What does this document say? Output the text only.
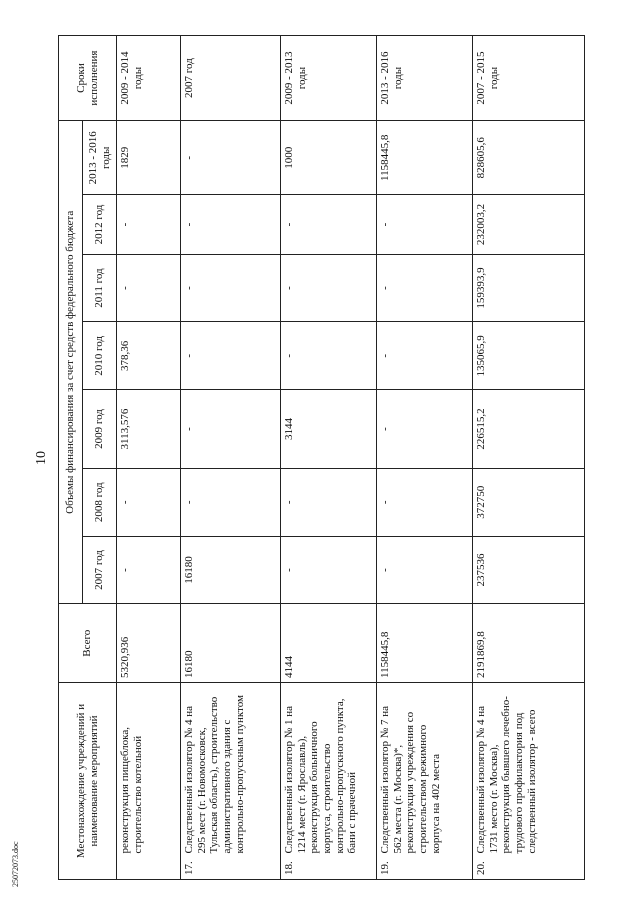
10
25072073.doc
Местонахождение учреждений и наименование мероприятий		Всего	Объемы финансирования за счет средств федерального бюджета							Сроки исполнения
			2007 год	2008 год	2009 год	2010 год	2011 год	2012 год	2013 - 2016 годы	
	реконструкция пищеблока, строительство котельной	5320,936	-	-	3113,576	378,36	-	-	1829	2009 - 2014 годы
17.	Следственный изолятор № 4 на 295 мест (г. Новомосковск, Тульская область), строительство административного здания с контрольно-пропускным пунктом	16180	16180	-	-	-	-	-	-	2007 год
18.	Следственный изолятор № 1 на 1214 мест (г. Ярославль), реконструкция больничного корпуса, строительство контрольно-пропускного пункта, бани с прачечной	4144	-	-	3144	-	-	-	1000	2009 - 2013 годы
19.	Следственный изолятор № 7 на 562 места (г. Москва)*, реконструкция учреждения со строительством режимного корпуса на 402 места	1158445,8	-	-	-	-	-	-	1158445,8	2013 - 2016 годы
20.	Следственный изолятор № 4 на 1731 место (г. Москва), реконструкция бывшего лечебно-трудового профилактория под следственный изолятор - всего	2191869,8	237536	372750	226515,2	135065,9	159393,9	232003,2	828605,6	2007 - 2015 годы
